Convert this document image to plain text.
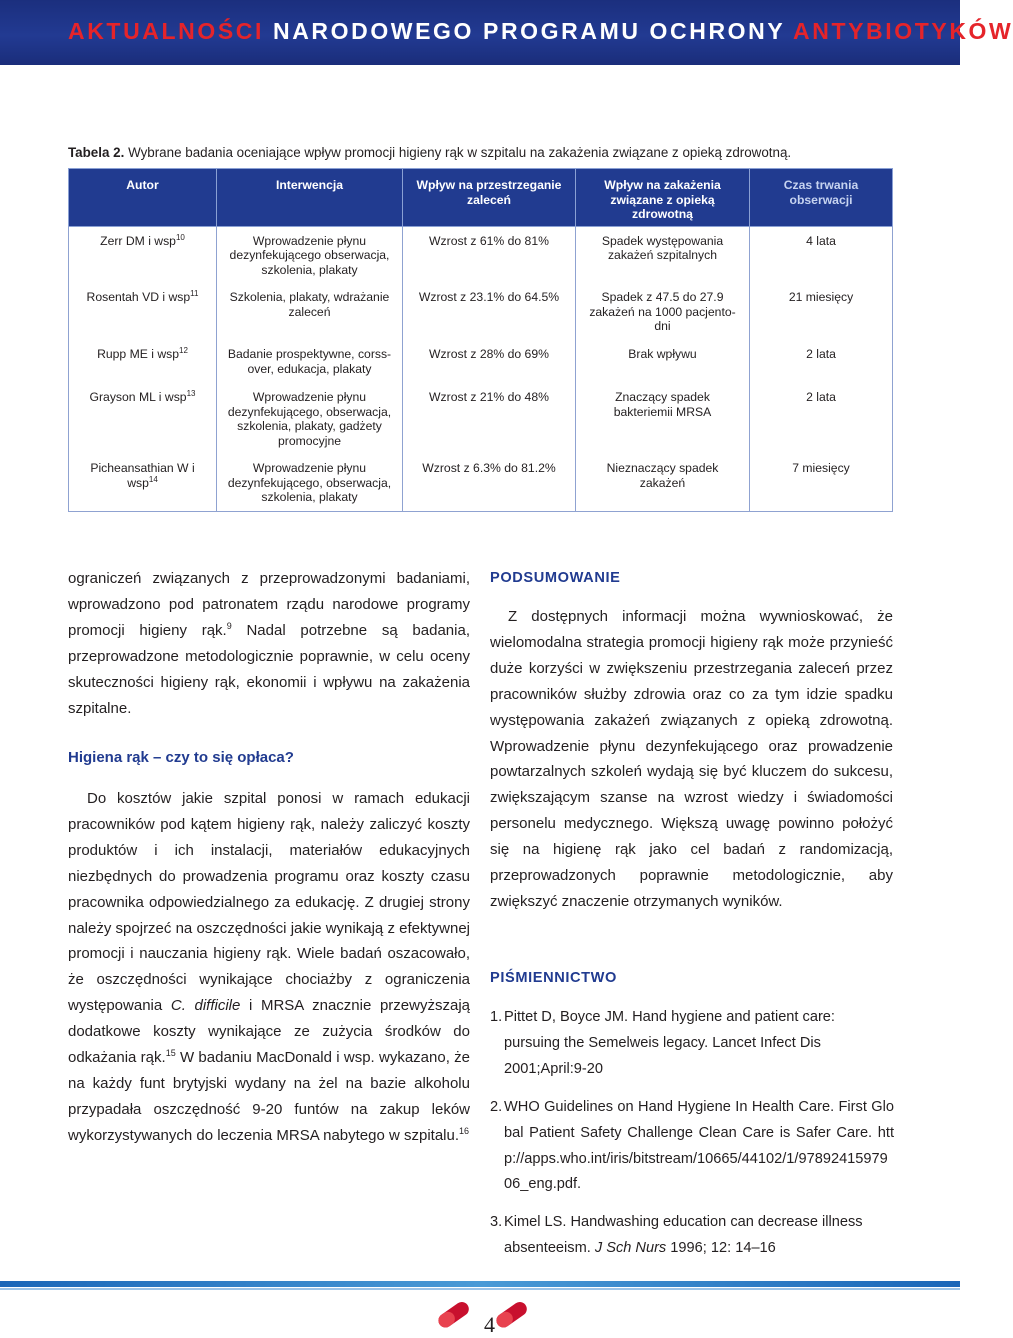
AKTUALNOŚCI NARODOWEGO PROGRAMU OCHRONY ANTYBIOTYKÓW
Tabela 2. Wybrane badania oceniające wpływ promocji higieny rąk w szpitalu na zakażenia związane z opieką zdrowotną.
Autor	Interwencja	Wpływ na przestrzeganie zaleceń	Wpływ na zakażenia związane z opieką zdrowotną	Czas trwania obserwacji
Zerr DM i wsp$^{10}$	Wprowadzenie płynu dezynfekującego obserwacja, szkolenia, plakaty	Wzrost z 61% do 81%	Spadek występowania zakażeń szpitalnych	4 lata
Rosentah VD i wsp$^{11}$	Szkolenia, plakaty, wdrażanie zaleceń	Wzrost z 23.1% do 64.5%	Spadek z 47.5 do 27.9 zakażeń na 1000 pacjento-dni	21 miesięcy
Rupp ME i wsp$^{12}$	Badanie prospektywne, corss-over, edukacja, plakaty	Wzrost z 28% do 69%	Brak wpływu	2 lata
Grayson ML i wsp$^{13}$	Wprowadzenie płynu dezynfekującego, obserwacja, szkolenia, plakaty, gadżety promocyjne	Wzrost z 21% do 48%	Znaczący spadek bakteriemii MRSA	2 lata
Picheansathian W i wsp$^{14}$	Wprowadzenie płynu dezynfekującego, obserwacja, szkolenia, plakaty	Wzrost z 6.3% do 81.2%	Nieznaczący spadek zakażeń	7 miesięcy

ograniczeń związanych z przeprowadzonymi badaniami, wprowadzono pod patronatem rządu narodowe programy promocji higieny rąk.$^9$ Nadal potrzebne są badania, przeprowadzone metodologicznie poprawnie, w celu oceny skuteczności higieny rąk, ekonomii i wpływu na zakażenia szpitalne.

Higiena rąk – czy to się opłaca?

Do kosztów jakie szpital ponosi w ramach edukacji pracowników pod kątem higieny rąk, należy zaliczyć koszty produktów i ich instalacji, materiałów edukacyjnych niezbędnych do prowadzenia programu oraz koszty czasu pracownika odpowiedzialnego za edukację. Z drugiej strony należy spojrzeć na oszczędności jakie wynikają z efektywnej promocji i nauczania higieny rąk. Wiele badań oszacowało, że oszczędności wynikające chociażby z ograniczenia występowania C. difficile i MRSA znacznie przewyższają dodatkowe koszty wynikające ze zużycia środków do odkażania rąk.$^{15}$ W badaniu MacDonald i wsp. wykazano, że na każdy funt brytyjski wydany na żel na bazie alkoholu przypadała oszczędność 9-20 funtów na zakup leków wykorzystywanych do leczenia MRSA nabytego w szpitalu.$^{16}$

PODSUMOWANIE

Z dostępnych informacji można wywnioskować, że wielomodalna strategia promocji higieny rąk może przynieść duże korzyści w zwiększeniu przestrzegania zaleceń przez pracowników służby zdrowia oraz co za tym idzie spadku występowania zakażeń związanych z opieką zdrowotną. Wprowadzenie płynu dezynfekującego oraz prowadzenie powtarzalnych szkoleń wydają się być kluczem do sukcesu, zwiększającym szanse na wzrost wiedzy i świadomości personelu medycznego. Większą uwagę powinno położyć się na higienę rąk jako cel badań z randomizacją, przeprowadzonych poprawnie metodologicznie, aby zwiększyć znaczenie otrzymanych wyników.

PIŚMIENNICTWO
1. Pittet D, Boyce JM. Hand hygiene and patient care: pursuing the Semelweis legacy. Lancet Infect Dis 2001;April:9-20
2. WHO Guidelines on Hand Hygiene In Health Care. First Global Patient Safety Challenge Clean Care is Safer Care. http://apps.who.int/iris/bitstream/10665/44102/1/9789241597906_eng.pdf.
3. Kimel LS. Handwashing education can decrease illness absenteeism. J Sch Nurs 1996; 12: 14–16
4
